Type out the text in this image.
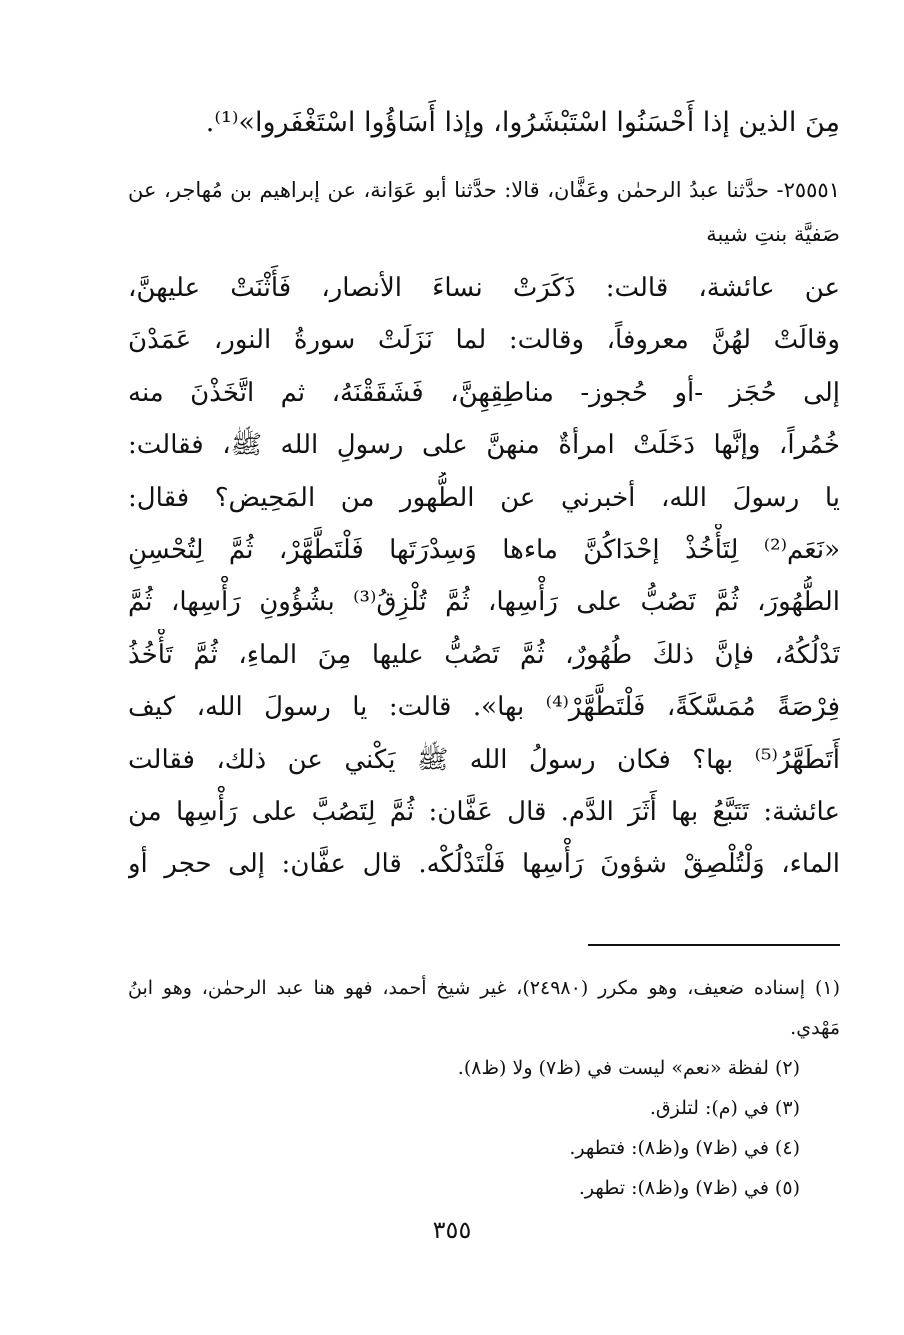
مِنَ الذين إذا أَحْسَنُوا اسْتَبْشَرُوا، وإذا أَسَاؤُوا اسْتَغْفَروا»⁽¹⁾.
٢٥٥٥١- حدَّثنا عبدُ الرحمٰن وعَفَّان، قالا: حدَّثنا أبو عَوَانة، عن إبراهيم بن مُهاجر، عن صَفيَّة بنتِ شيبة
عن عائشة، قالت: ذَكَرَتْ نساءَ الأنصار، فَأَثْنَتْ عليهنَّ،
وقالَتْ لهُنَّ معروفاً، وقالت: لما نَزَلَتْ سورةُ النور، عَمَدْنَ
إلى حُجَز -أو حُجوز- مناطِقِهِنَّ، فَشَقَقْنَهُ، ثم اتَّخَذْنَ منه
خُمُراً، وإنَّها دَخَلَتْ امرأةٌ منهنَّ على رسولِ الله ﷺ، فقالت:
يا رسولَ الله، أخبرني عن الطُّهور من المَحِيض؟ فقال:
«نَعَم⁽²⁾ لِتَأْخُذْ إحْدَاكُنَّ ماءها وَسِدْرَتَها فَلْتَطَّهَّرْ، ثُمَّ لِتُحْسِنِ
الطُّهُورَ، ثُمَّ تَصُبُّ على رَأْسِها، ثُمَّ تُلْزِقُ⁽³⁾ بشُؤُونِ رَأْسِها، ثُمَّ
تَدْلُكُهُ، فإنَّ ذلكَ طُهُورٌ، ثُمَّ تَصُبُّ عليها مِنَ الماءِ، ثُمَّ تَأْخُذُ
فِرْصَةً مُمَسَّكَةً، فَلْتَطَّهَّرْ⁽⁴⁾ بها». قالت: يا رسولَ الله، كيف
أَتَطَهَّرُ⁽⁵⁾ بها؟ فكان رسولُ الله ﷺ يَكْني عن ذلك، فقالت
عائشة: تَتَبَّعُ بها أَثَرَ الدَّم. قال عَفَّان: ثُمَّ لِتَصُبَّ على رَأْسِها من
الماء، وَلْتُلْصِقْ شؤونَ رَأْسِها فَلْتَدْلُكْه. قال عفَّان: إلى حجر أو
(١) إسناده ضعيف، وهو مكرر (٢٤٩٨٠)، غير شيخ أحمد، فهو هنا عبد الرحمٰن، وهو ابنُ مَهْدي.
(٢) لفظة «نعم» ليست في (ظ٧) ولا (ظ٨).
(٣) في (م): لتلزق.
(٤) في (ظ٧) و(ظ٨): فتطهر.
(٥) في (ظ٧) و(ظ٨): تطهر.
٣٥٥
